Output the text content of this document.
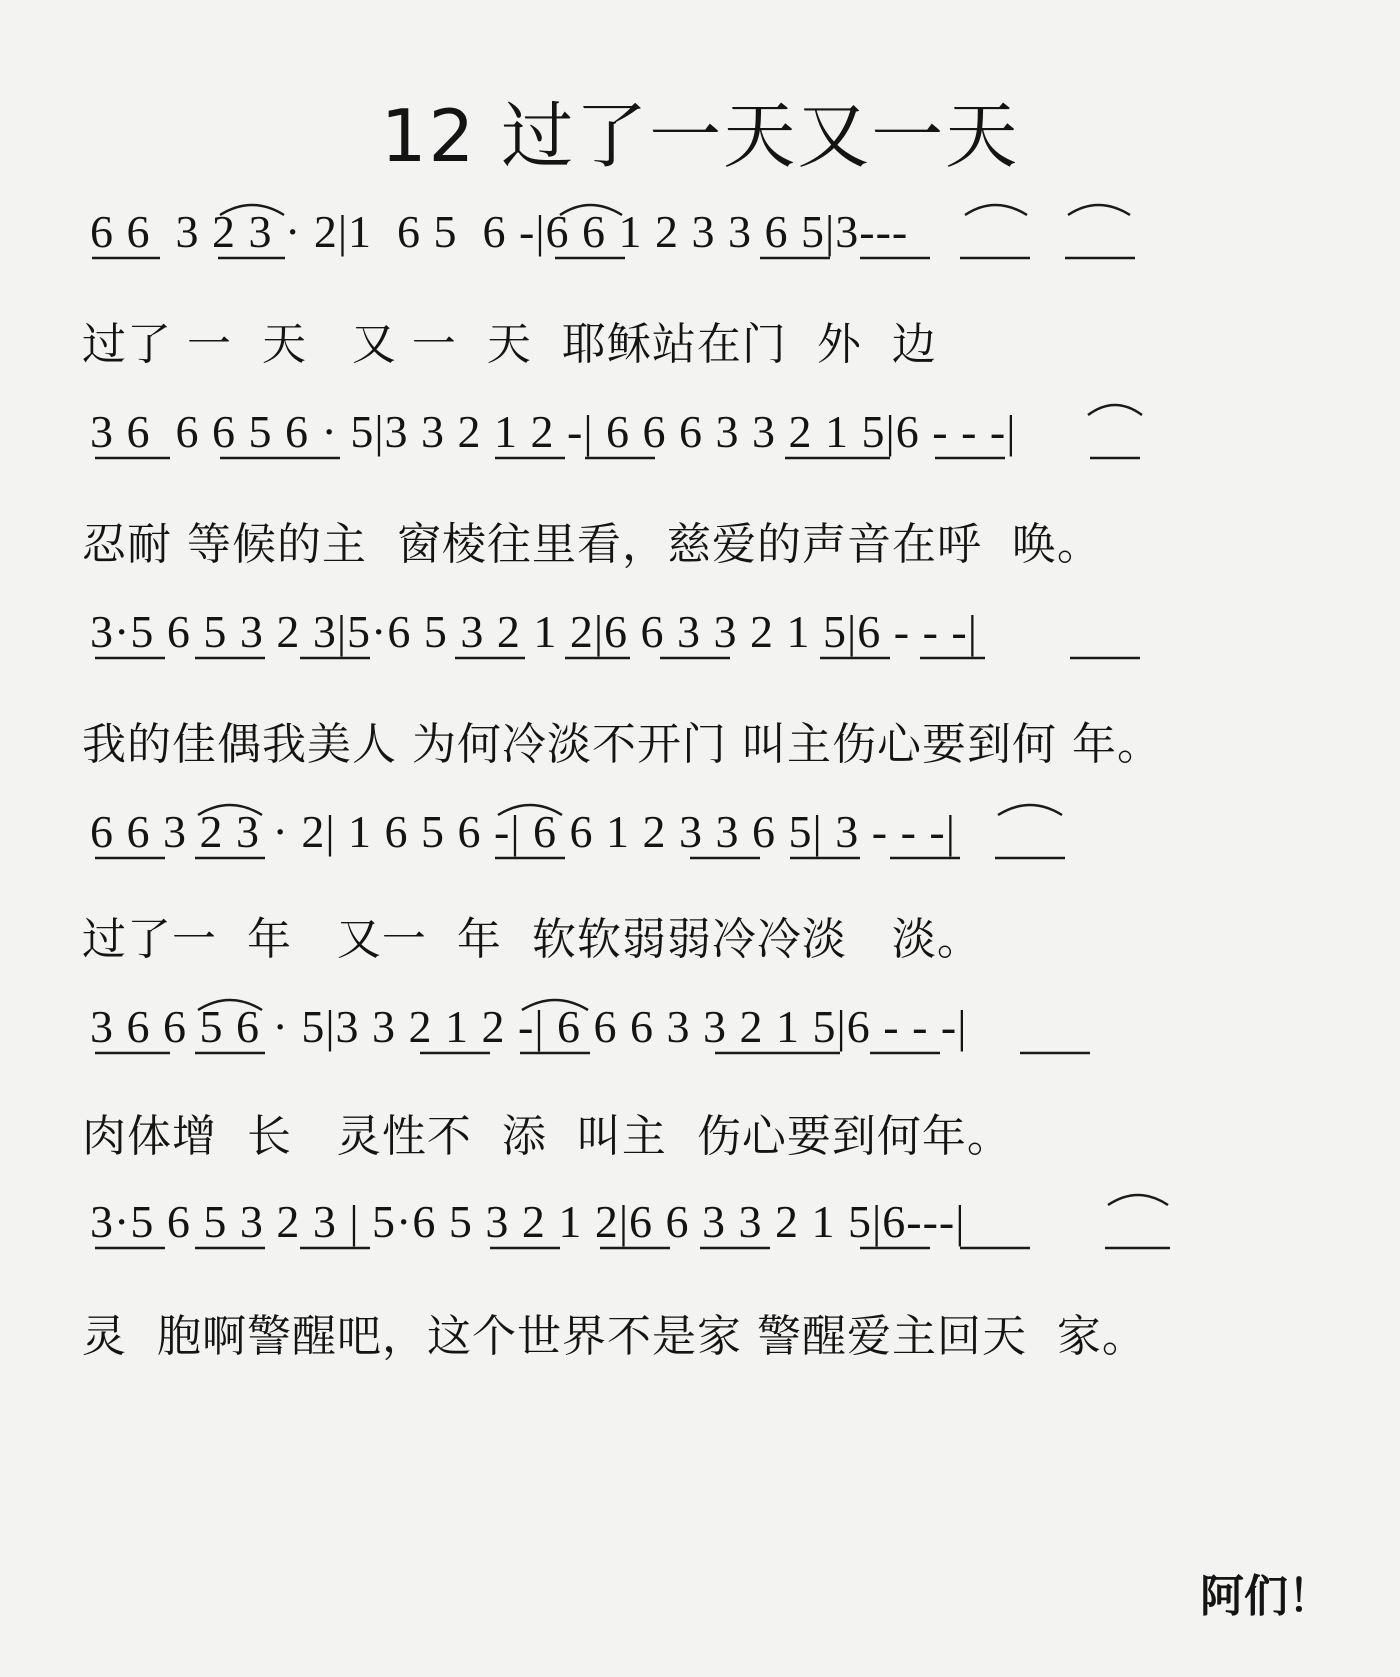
12 过了一天又一天
6 6  3 2 3 · 2|1  6 5  6 -|6 6 1 2 3 3 6 5|3---
过了 一  天   又 一  天  耶稣站在门  外  边
3 6  6 6 5 6 · 5|3 3 2 1 2 -| 6 6 6 3 3 2 1 5|6 - - -|
忍耐 等候的主  窗棱往里看，慈爱的声音在呼  唤。
3·5 6 5 3 2 3|5·6 5 3 2 1 2|6 6 3 3 2 1 5|6 - - -|
我的佳偶我美人 为何冷淡不开门 叫主伤心要到何 年。
6 6 3 2 3 · 2| 1 6 5 6 -| 6 6 1 2 3 3 6 5| 3 - - -|
过了一  年   又一  年  软软弱弱冷冷淡   淡。
3 6 6 5 6 · 5|3 3 2 1 2 -| 6 6 6 3 3 2 1 5|6 - - -|
肉体增  长   灵性不  添  叫主  伤心要到何年。
3·5 6 5 3 2 3 | 5·6 5 3 2 1 2|6 6 3 3 2 1 5|6---|
灵  胞啊警醒吧，这个世界不是家 警醒爱主回天  家。
阿们！
